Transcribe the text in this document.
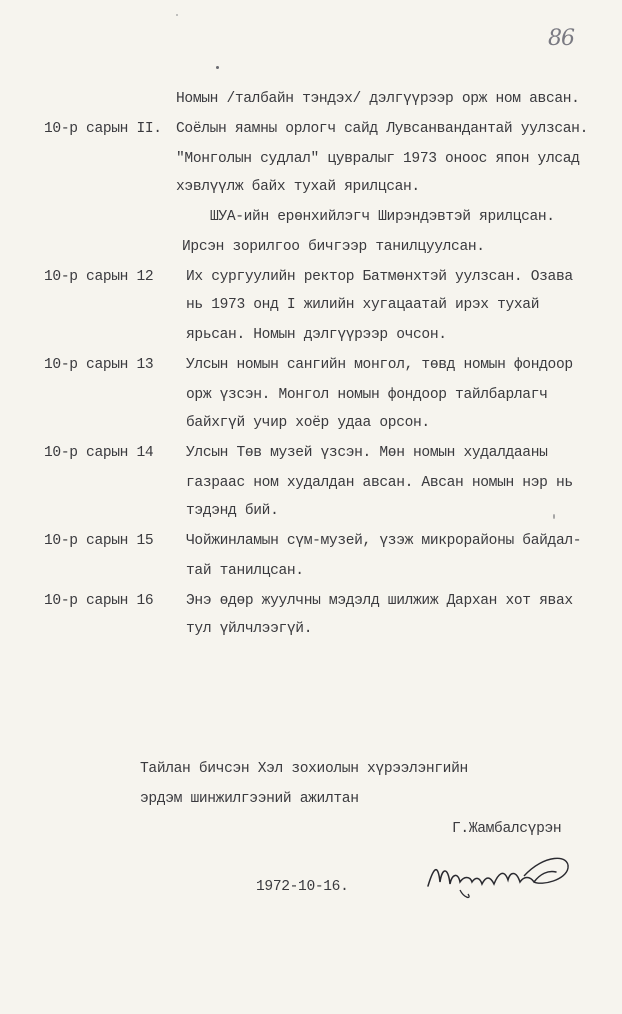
86
Номын /талбайн тэндэх/ дэлгүүрээр орж ном авсан.
10-р сарын II. Соёлын яамны орлогч сайд Лувсанвандантай уулзсан.
"Монголын судлал" цувралыг 1973 оноос япон улсад
хэвлүүлж байх тухай ярилцсан.
ШУА-ийн ерөнхийлэгч Ширэндэвтэй ярилцсан.
Ирсэн зорилгоо бичгээр танилцуулсан.
10-р сарын 12 Их сургуулийн ректор Батмөнхтэй уулзсан. Озава
нь 1973 онд I жилийн хугацаатай ирэх тухай
ярьсан. Номын дэлгүүрээр очсон.
10-р сарын 13 Улсын номын сангийн монгол, төвд номын фондоор
орж үзсэн. Монгол номын фондоор тайлбарлагч
байхгүй учир хоёр удаа орсон.
10-р сарын 14 Улсын Төв музей үзсэн. Мөн номын худалдааны
газраас ном худалдан авсан. Авсан номын нэр нь
тэдэнд бий.
10-р сарын 15 Чойжинламын сүм-музей, үзэж микрорайоны байдал-
тай танилцсан.
10-р сарын 16 Энэ өдөр жуулчны мэдэлд шилжиж Дархан хот явах
тул үйлчлээгүй.
Тайлан бичсэн Хэл зохиолын хүрээлэнгийн
эрдэм шинжилгээний ажилтан
Г.Жамбалсүрэн
1972-10-16.
